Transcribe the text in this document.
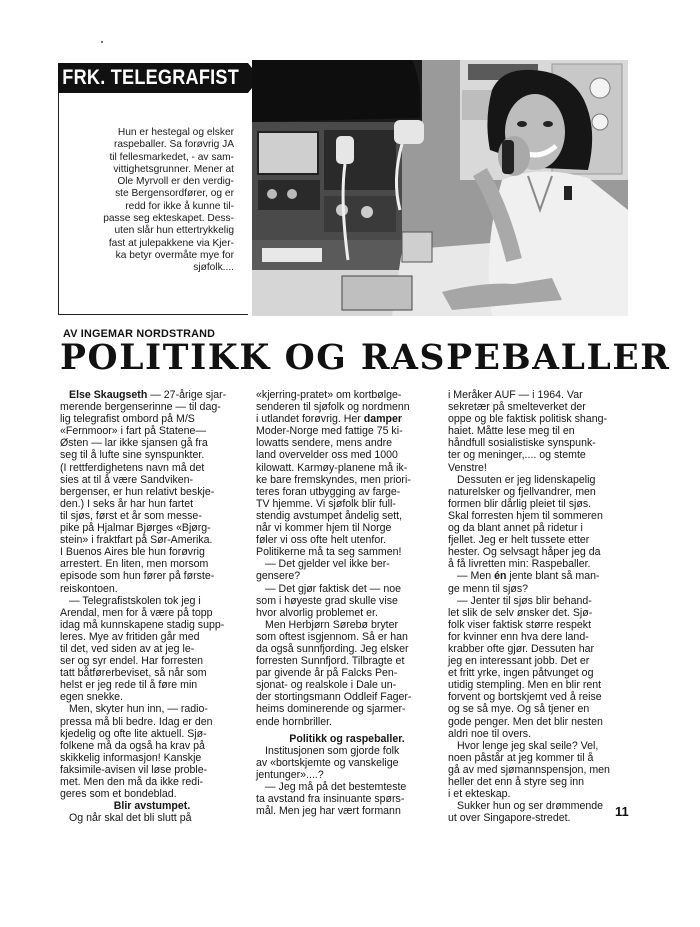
FRK. TELEGRAFIST
Hun er hestegal og elsker
raspeballer. Sa forøvrig JA
til fellesmarkedet, - av sam-
vittighetsgrunner. Mener at
Ole Myrvoll er den verdig-
ste Bergensordfører, og er
redd for ikke å kunne til-
passe seg ekteskapet. Dess-
uten slår hun ettertrykkelig
fast at julepakkene via Kjer-
ka betyr overmåte mye for
sjøfolk....
AV INGEMAR NORDSTRAND
POLITIKK OG RASPEBALLER
Else Skaugseth — 27-årige sjar-
merende bergenserinne — til dag-
lig telegrafist ombord på M/S
«Fernmoor» i fart på Statene—
Østen — lar ikke sjansen gå fra
seg til å lufte sine synspunkter.
(I rettferdighetens navn må det
sies at til å være Sandviken-
bergenser, er hun relativt beskje-
den.) I seks år har hun fartet
til sjøs, først et år som messe-
pike på Hjalmar Bjørges «Bjørg-
stein» i fraktfart på Sør-Amerika.
I Buenos Aires ble hun forøvrig
arrestert. En liten, men morsom
episode som hun fører på førstе-
reiskontoen.
— Telegrafistskolen tok jeg i
Arendal, men for å være på topp
idag må kunnskapene stadig supp-
leres. Mye av fritiden går med
til det, ved siden av at jeg le-
ser og syr endel. Har forresten
tatt båtførerbeviset, så når som
helst er jeg rede til å føre min
egen snekke.
Men, skyter hun inn, — radio-
pressa må bli bedre. Idag er den
kjedelig og ofte lite aktuell. Sjø-
folkene må da også ha krav på
skikkelig informasjon! Kanskje
faksimile-avisen vil løse proble-
met. Men den må da ikke redi-
geres som et bondeblad.
Blir avstumpet.
Og når skal det bli slutt på
«kjerring-pratet» om kortbølge-
senderen til sjøfolk og nordmenn
i utlandet forøvrig. Her damper
Moder-Norge med fattige 75 ki-
lowatts sendere, mens andre
land overvelder oss med 1000
kilowatt. Karmøy-planene må ik-
ke bare fremskyndes, men priori-
teres foran utbygging av farge-
TV hjemme. Vi sjøfolk blir full-
stendig avstumpet åndelig sett,
når vi kommer hjem til Norge
føler vi oss ofte helt utenfor.
Politikerne må ta seg sammen!
— Det gjelder vel ikke ber-
gensere?
— Det gjør faktisk det — noe
som i høyeste grad skulle vise
hvor alvorlig problemet er.
Men Herbjørn Sørebø bryter
som oftest isgjennom. Så er han
da også sunnfjording. Jeg elsker
forresten Sunnfjord. Tilbragte et
par givende år på Falcks Pen-
sjonat- og realskole i Dale un-
der stortingsmann Oddleif Fager-
heims dominerende og sjarmer-
ende hornbriller.
Politikk og raspeballer.
Institusjonen som gjorde folk
av «bortskjemte og vanskelige
jentunger»....?
— Jeg må på det bestemteste
ta avstand fra insinuante spørs-
mål. Men jeg har vært formann
i Meråker AUF — i 1964. Var
sekretær på smelteverket der
oppe og ble faktisk politisk shang-
haiet. Måtte lese meg til en
håndfull sosialistiske synspunk-
ter og meninger,.... og stemte
Venstre!
Dessuten er jeg lidenskapelig
naturelsker og fjellvandrer, men
formen blir dårlig pleiet til sjøs.
Skal forresten hjem til sommeren
og da blant annet på ridetur i
fjellet. Jeg er helt tussete etter
hester. Og selvsagt håper jeg da
å få livretten min: Raspeballer.
— Men én jente blant så man-
ge menn til sjøs?
— Jenter til sjøs blir behand-
let slik de selv ønsker det. Sjø-
folk viser faktisk større respekt
for kvinner enn hva dere land-
krabber ofte gjør. Dessuten har
jeg en interessant jobb. Det er
et fritt yrke, ingen påtvunget og
utidig stempling. Men en blir rent
forvent og bortskjemt ved å reise
og se så mye. Og så tjener en
gode penger. Men det blir nesten
aldri noe til overs.
Hvor lenge jeg skal seile? Vel,
noen påstår at jeg kommer til å
gå av med sjømannspensjon, men
heller det enn å styre seg inn
i et ekteskap.
Sukker hun og ser drømmende
ut over Singapore-stredet.	11
